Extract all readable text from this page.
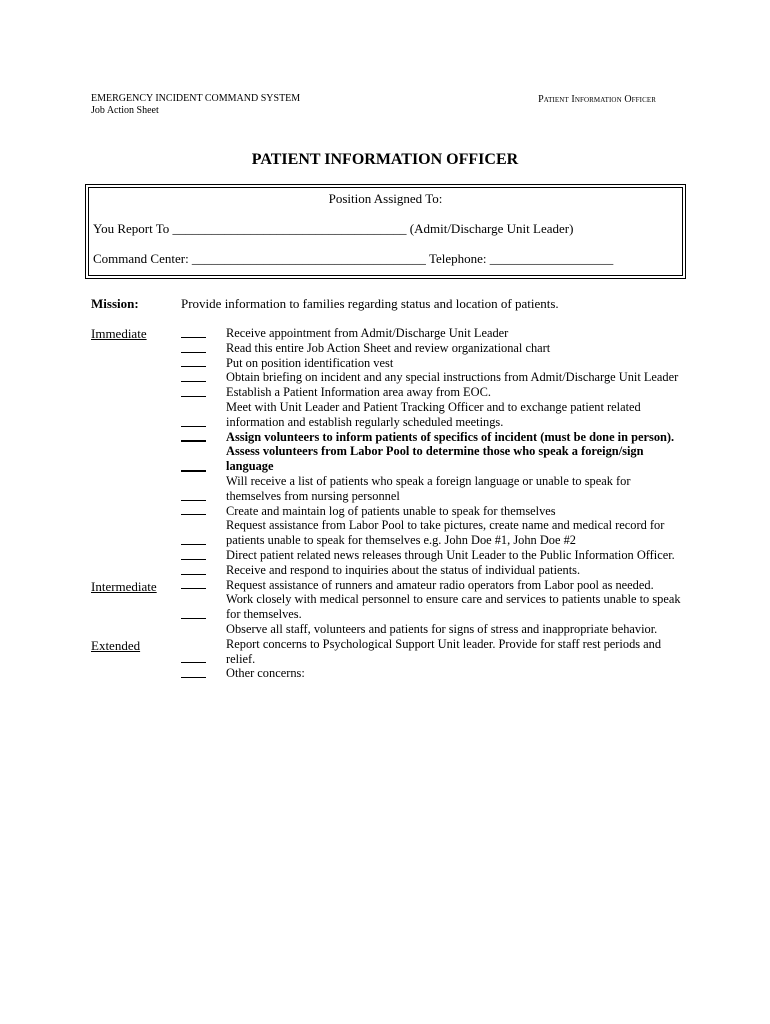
EMERGENCY INCIDENT COMMAND SYSTEM
Job Action Sheet
Patient Information Officer
PATIENT INFORMATION OFFICER
Position Assigned To:
You Report To ____________________________________ (Admit/Discharge Unit Leader)
Command Center: ____________________________________ Telephone: ___________________
Mission:	Provide information to families regarding status and location of patients.
Immediate
Intermediate
Extended
Receive appointment from Admit/Discharge Unit Leader
Read this entire Job Action Sheet and review organizational chart
Put on position identification vest
Obtain briefing on incident and any special instructions from Admit/Discharge Unit Leader
Establish a Patient Information area away from EOC.
Meet with Unit Leader and Patient Tracking Officer and to exchange patient related information and establish regularly scheduled meetings.
Assign volunteers to inform patients of specifics of incident (must be done in person).
Assess volunteers from Labor Pool to determine those who speak a foreign/sign language
Will receive a list of patients who speak a foreign language or unable to speak for themselves from nursing personnel
Create and maintain log of patients unable to speak for themselves
Request assistance from Labor Pool to take pictures, create name and medical record for patients unable to speak for themselves e.g. John Doe #1, John Doe #2
Direct patient related news releases through Unit Leader to the Public Information Officer.
Receive and respond to inquiries about the status of individual patients.
Request assistance of runners and amateur radio operators from Labor pool as needed.
Work closely with medical personnel to ensure care and services to patients unable to speak for themselves.
Observe all staff, volunteers and patients for signs of stress and inappropriate behavior. Report concerns to Psychological Support Unit leader. Provide for staff rest periods and relief.
Other concerns:
